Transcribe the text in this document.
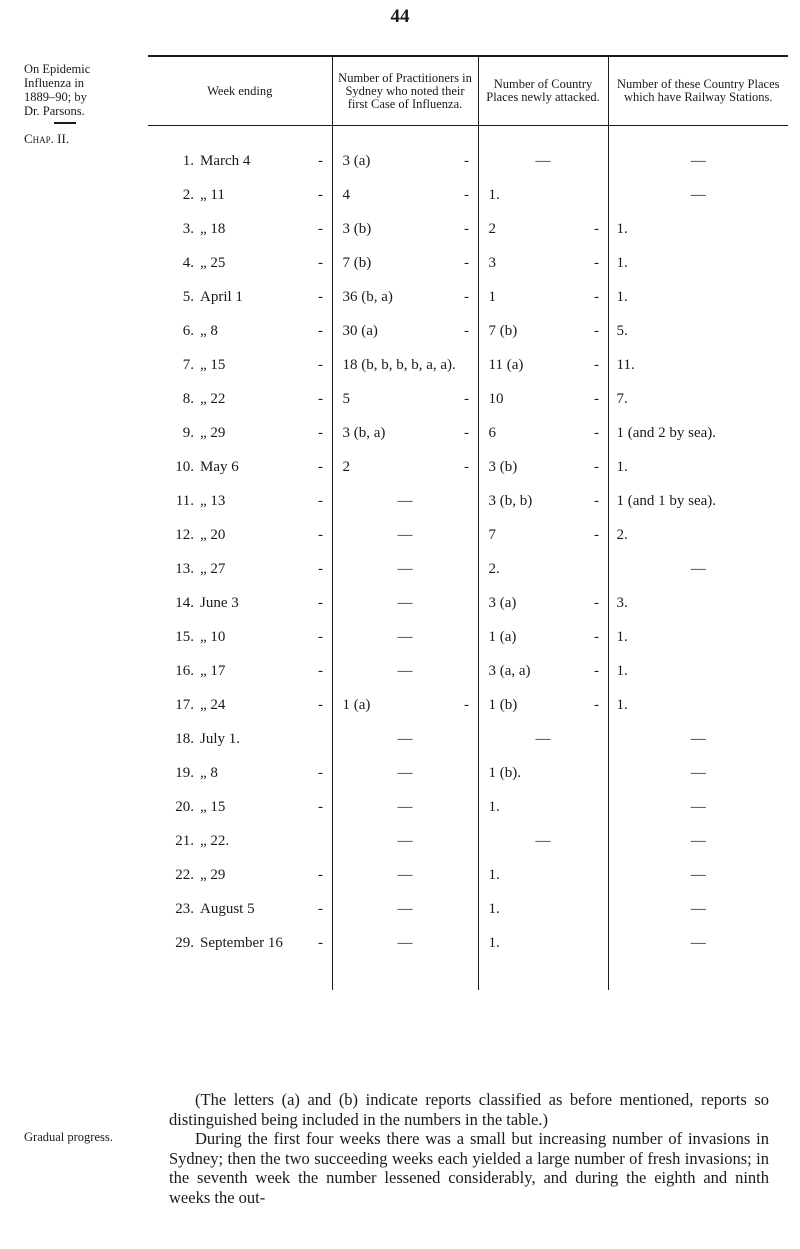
44
On Epidemic
Influenza in
1889–90; by
Dr. Parsons.
Chap. II.
Week ending	Number of Practitioners in Sydney who noted their first Case of Influenza.	Number of Country Places newly attacked.	Number of these Country Places which have Railway Stations.

1. March 4 -	3 (a) -	—	—

2. „ 11 -	4 -	1.	—

3. „ 18 -	3 (b) -	2 -	1.

4. „ 25 -	7 (b) -	3 -	1.

5. April 1 -	36 (b, a) -	1 -	1.

6. „ 8 -	30 (a) -	7 (b) -	5.

7. „ 15 -	18 (b, b, b, b, a, a).	11 (a) -	11.

8. „ 22 -	5 -	10 -	7.

9. „ 29 -	3 (b, a) -	6 -	1 (and 2 by sea).

10. May 6 -	2 -	3 (b) -	1.

11. „ 13 -	—	3 (b, b) -	1 (and 1 by sea).

12. „ 20 -	—	7 -	2.

13. „ 27 -	—	2.	—

14. June 3 -	—	3 (a) -	3.

15. „ 10 -	—	1 (a) -	1.

16. „ 17 -	—	3 (a, a) -	1.

17. „ 24 -	1 (a) -	1 (b) -	1.

18. July 1.	—	—	—

19. „ 8 -	—	1 (b).	—

20. „ 15 -	—	1.	—

21. „ 22.	—	—	—

22. „ 29 -	—	1.	—

23. August 5 -	—	1.	—

29. September 16 -	—	1.	—
Gradual progress.

(The letters (a) and (b) indicate reports classified as before mentioned, reports so distinguished being included in the numbers in the table.)

During the first four weeks there was a small but increasing number of invasions in Sydney; then the two succeeding weeks each yielded a large number of fresh invasions; in the seventh week the number lessened considerably, and during the eighth and ninth weeks the out-
